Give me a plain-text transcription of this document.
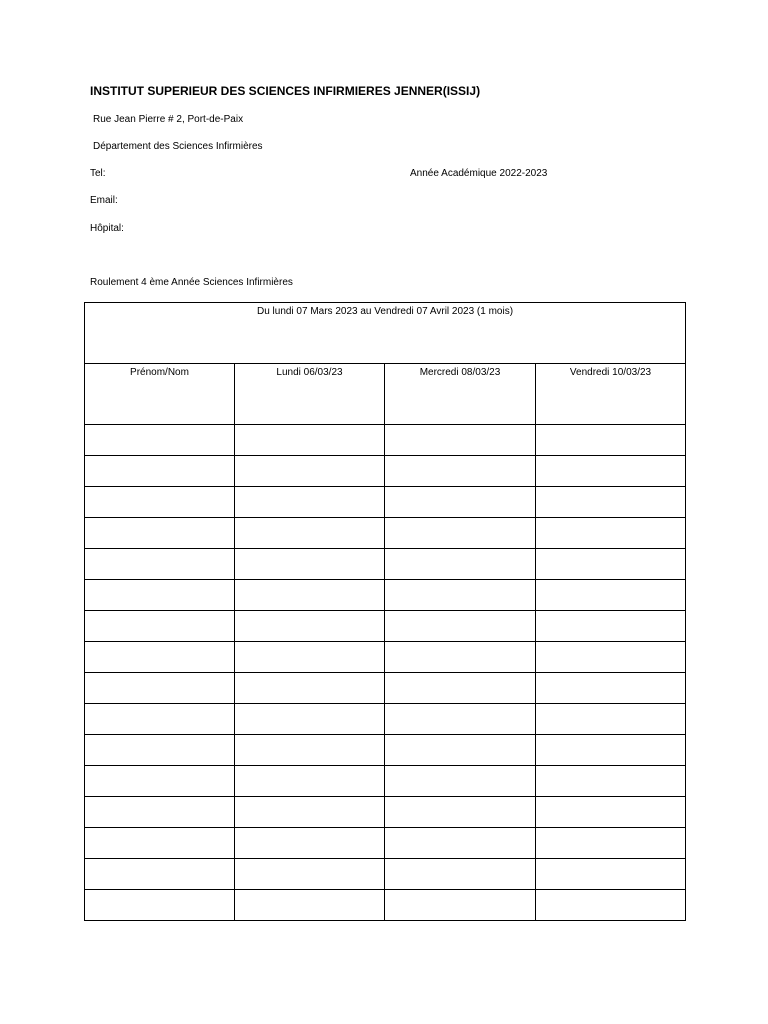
INSTITUT SUPERIEUR DES SCIENCES INFIRMIERES JENNER(ISSIJ)
Rue Jean Pierre # 2, Port-de-Paix
Département des Sciences Infirmières
Tel:	Année Académique 2022-2023
Email:
Hôpital:
Roulement 4 ème Année Sciences Infirmières
Du lundi 07 Mars 2023 au Vendredi 07 Avril 2023 (1 mois)			
Prénom/Nom	Lundi 06/03/23	Mercredi 08/03/23	Vendredi 10/03/23
